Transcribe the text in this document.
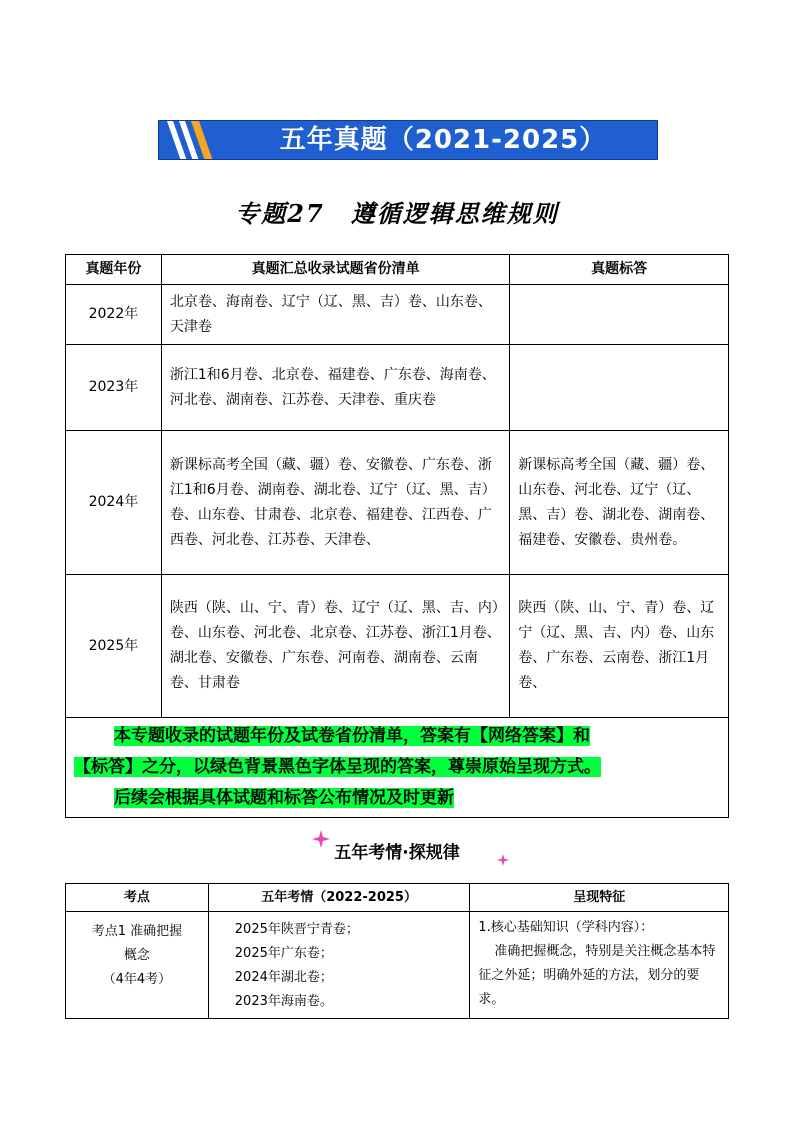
五年真题（2021-2025）
专题27　遵循逻辑思维规则
真题年份	真题汇总收录试题省份清单	真题标答
2022年	北京卷、海南卷、辽宁（辽、黑、吉）卷、山东卷、天津卷	
2023年	浙江1和6月卷、北京卷、福建卷、广东卷、海南卷、河北卷、湖南卷、江苏卷、天津卷、重庆卷	
2024年	新课标高考全国（藏、疆）卷、安徽卷、广东卷、浙江1和6月卷、湖南卷、湖北卷、辽宁（辽、黑、吉）卷、山东卷、甘肃卷、北京卷、福建卷、江西卷、广西卷、河北卷、江苏卷、天津卷、	新课标高考全国（藏、疆）卷、山东卷、河北卷、辽宁（辽、黑、吉）卷、湖北卷、湖南卷、福建卷、安徽卷、贵州卷。
2025年	陕西（陕、山、宁、青）卷、辽宁（辽、黑、吉、内）卷、山东卷、河北卷、北京卷、江苏卷、浙江1月卷、湖北卷、安徽卷、广东卷、河南卷、湖南卷、云南卷、甘肃卷	陕西（陕、山、宁、青）卷、辽宁（辽、黑、吉、内）卷、山东卷、广东卷、云南卷、浙江1月卷、
本专题收录的试题年份及试卷省份清单，答案有【网络答案】和
【标答】之分，以绿色背景黑色字体呈现的答案，尊崇原始呈现方式。
后续会根据具体试题和标答公布情况及时更新		
五年考情·探规律
考点	五年考情（2022-2025）	呈现特征
考点1 准确把握
概念
（4年4考）	2025年陕晋宁青卷；
2025年广东卷；
2024年湖北卷；
2023年海南卷。	1.核心基础知识（学科内容）：
准确把握概念，特别是关注概念基本特征之外延；明确外延的方法，划分的要求。
